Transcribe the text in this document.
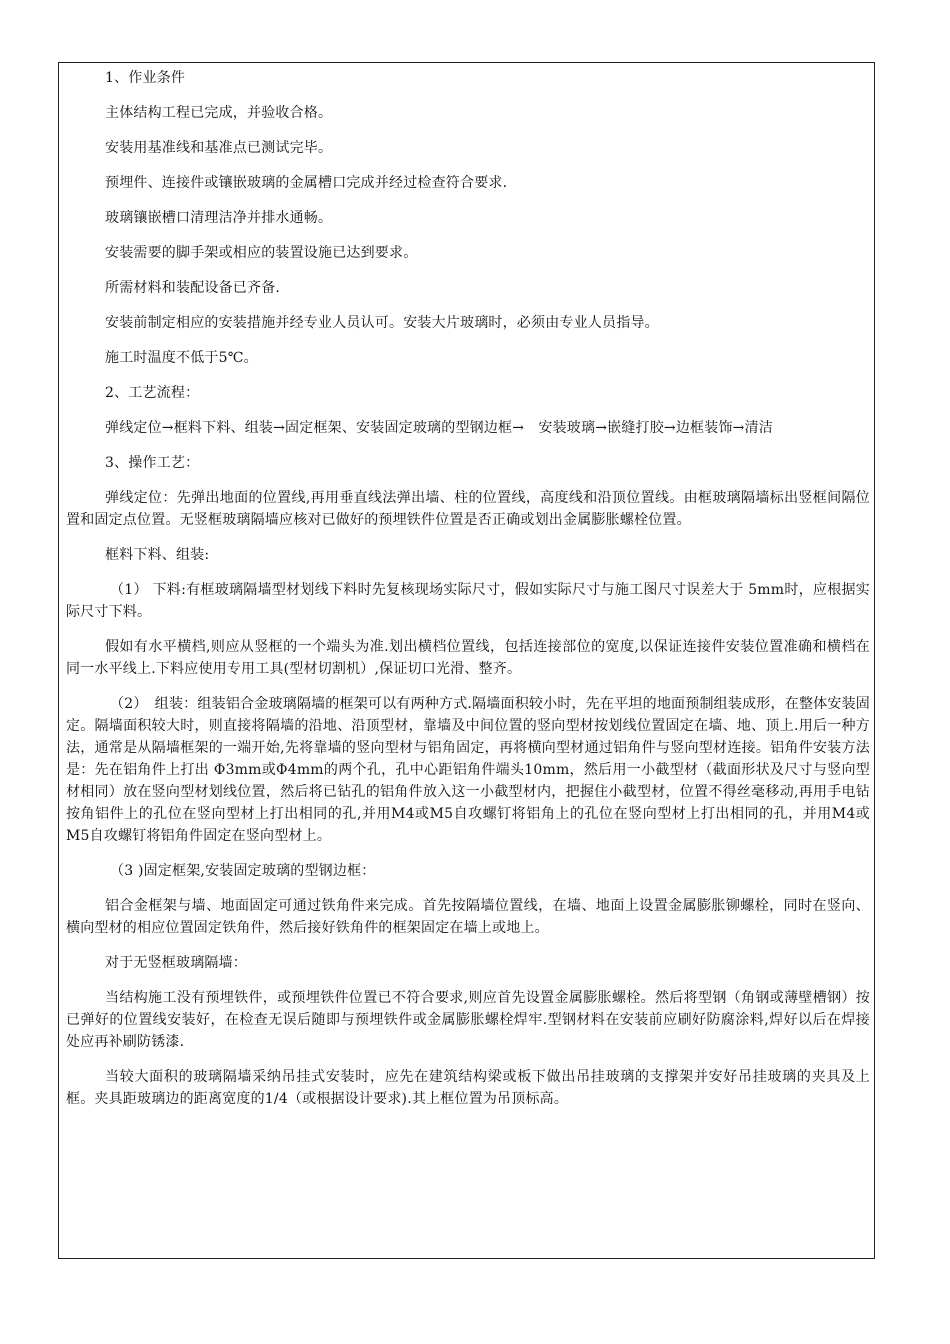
1、作业条件

主体结构工程已完成，并验收合格。

安装用基准线和基准点已测试完毕。

预埋件、连接件或镶嵌玻璃的金属槽口完成并经过检查符合要求.

玻璃镶嵌槽口清理洁净并排水通畅。

安装需要的脚手架或相应的装置设施已达到要求。

所需材料和装配设备已齐备.

安装前制定相应的安装措施并经专业人员认可。安装大片玻璃时，必须由专业人员指导。

施工时温度不低于5℃。

2、工艺流程：

弹线定位→框料下料、组装→固定框架、安装固定玻璃的型钢边框→　安装玻璃→嵌缝打胶→边框装饰→清洁

3、操作工艺：

弹线定位：先弹出地面的位置线,再用垂直线法弹出墙、柱的位置线，高度线和沿顶位置线。由框玻璃隔墙标出竖框间隔位置和固定点位置。无竖框玻璃隔墙应核对已做好的预埋铁件位置是否正确或划出金属膨胀螺栓位置。

框料下料、组装:

（1） 下料:有框玻璃隔墙型材划线下料时先复核现场实际尺寸，假如实际尺寸与施工图尺寸误差大于 5mm时，应根据实际尺寸下料。

假如有水平横档,则应从竖框的一个端头为准.划出横档位置线，包括连接部位的宽度,以保证连接件安装位置准确和横档在同一水平线上.下料应使用专用工具(型材切割机）,保证切口光滑、整齐。

（2）　组装：组装铝合金玻璃隔墙的框架可以有两种方式.隔墙面积较小时，先在平坦的地面预制组装成形，在整体安装固定。隔墙面积较大时，则直接将隔墙的沿地、沿顶型材，靠墙及中间位置的竖向型材按划线位置固定在墙、地、顶上.用后一种方法，通常是从隔墙框架的一端开始,先将靠墙的竖向型材与铝角固定，再将横向型材通过铝角件与竖向型材连接。铝角件安装方法是：先在铝角件上打出 Φ3mm或Φ4mm的两个孔，孔中心距铝角件端头10mm，然后用一小截型材（截面形状及尺寸与竖向型材相同）放在竖向型材划线位置，然后将已钻孔的铝角件放入这一小截型材内，把握住小截型材，位置不得丝毫移动,再用手电钻按角铝件上的孔位在竖向型材上打出相同的孔,并用M4或M5自攻螺钉将铝角上的孔位在竖向型材上打出相同的孔，并用M4或M5自攻螺钉将铝角件固定在竖向型材上。

（3 )固定框架,安装固定玻璃的型钢边框：

铝合金框架与墙、地面固定可通过铁角件来完成。首先按隔墙位置线，在墙、地面上设置金属膨胀铆螺栓，同时在竖向、横向型材的相应位置固定铁角件，然后接好铁角件的框架固定在墙上或地上。

对于无竖框玻璃隔墙：

当结构施工没有预埋铁件，或预埋铁件位置已不符合要求,则应首先设置金属膨胀螺栓。然后将型钢（角钢或薄壁槽钢）按已弹好的位置线安装好，在检查无误后随即与预埋铁件或金属膨胀螺栓焊牢.型钢材料在安装前应刷好防腐涂料,焊好以后在焊接处应再补刷防锈漆.

当较大面积的玻璃隔墙采纳吊挂式安装时，应先在建筑结构梁或板下做出吊挂玻璃的支撑架并安好吊挂玻璃的夹具及上框。夹具距玻璃边的距离宽度的1/4（或根据设计要求).其上框位置为吊顶标高。
